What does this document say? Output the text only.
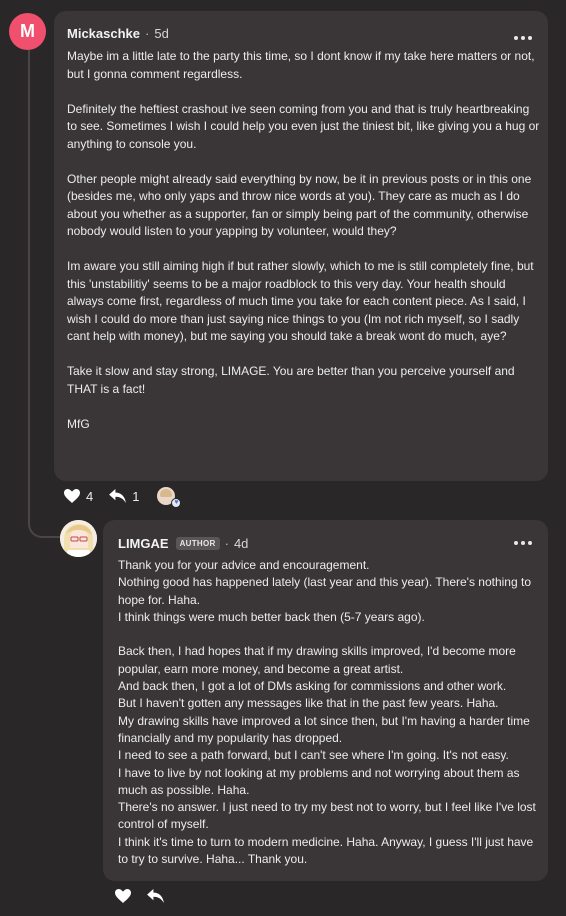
M	Mickaschke · 5d
Maybe im a little late to the party this time, so I dont know if my take here matters or not, but I gonna comment regardless.
Definitely the heftiest crashout ive seen coming from you and that is truly heartbreaking to see. Sometimes I wish I could help you even just the tiniest bit, like giving you a hug or anything to console you.
Other people might already said everything by now, be it in previous posts or in this one (besides me, who only yaps and throw nice words at you). They care as much as I do about you whether as a supporter, fan or simply being part of the community, otherwise nobody would listen to your yapping by volunteer, would they?
Im aware you still aiming high if but rather slowly, which to me is still completely fine, but this 'unstabilitiy' seems to be a major roadblock to this very day. Your health should always come first, regardless of much time you take for each content piece. As I said, I wish I could do more than just saying nice things to you (Im not rich myself, so I sadly cant help with money), but me saying you should take a break wont do much, aye?
Take it slow and stay strong, LIMAGE. You are better than you perceive yourself and THAT is a fact!
MfG
4	1	♥
LIMGAE	AUTHOR · 4d
Thank you for your advice and encouragement.
Nothing good has happened lately (last year and this year). There's nothing to hope for. Haha.
I think things were much better back then (5-7 years ago).
Back then, I had hopes that if my drawing skills improved, I'd become more popular, earn more money, and become a great artist.
And back then, I got a lot of DMs asking for commissions and other work.
But I haven't gotten any messages like that in the past few years. Haha.
My drawing skills have improved a lot since then, but I'm having a harder time financially and my popularity has dropped.
I need to see a path forward, but I can't see where I'm going. It's not easy.
I have to live by not looking at my problems and not worrying about them as much as possible. Haha.
There's no answer. I just need to try my best not to worry, but I feel like I've lost control of myself.
I think it's time to turn to modern medicine. Haha. Anyway, I guess I'll just have to try to survive. Haha... Thank you.
